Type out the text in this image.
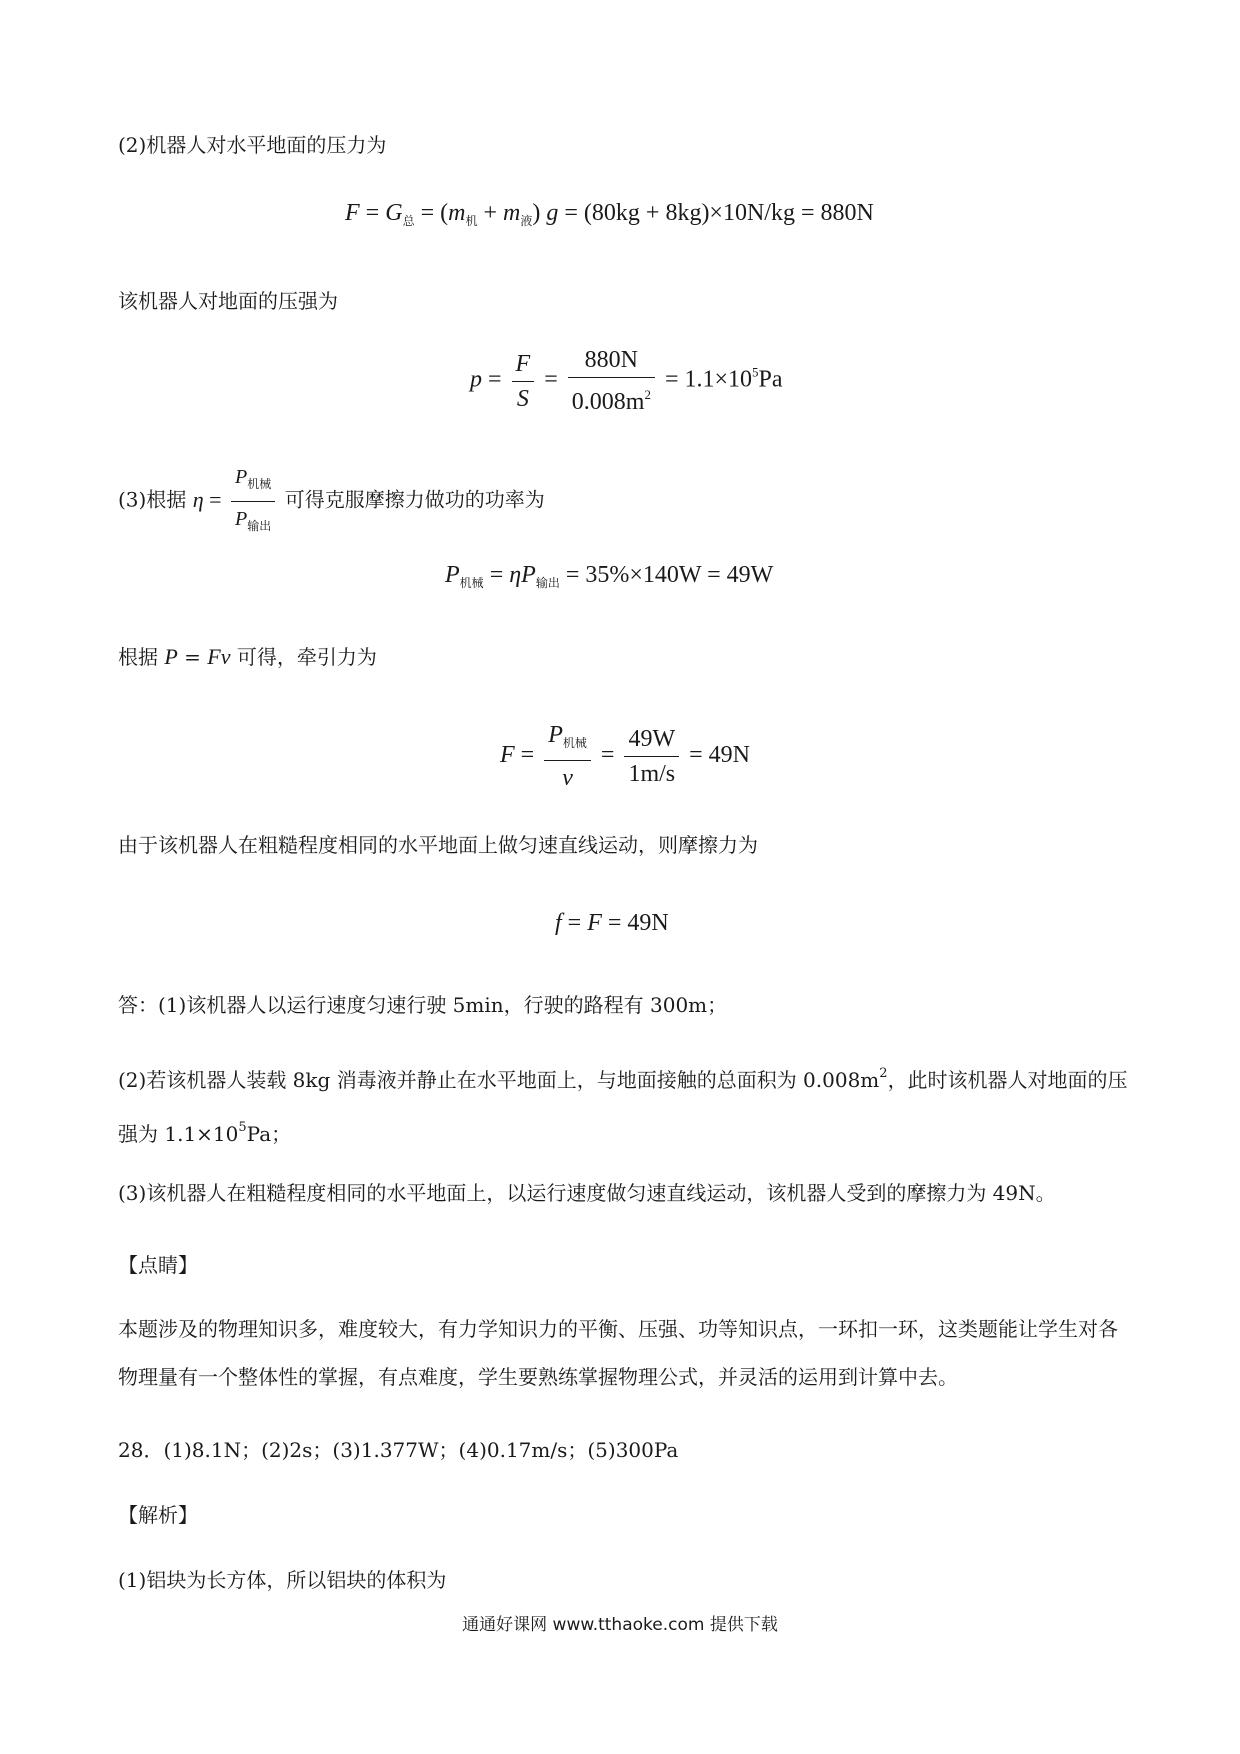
(2)机器人对水平地面的压力为
$F = G_总 = (m_机 + m_液) g = (80kg + 8kg)\times 10N/kg = 880N$
该机器人对地面的压强为
$p = \frac{F}{S} = \frac{880N}{0.008m^2} = 1.1\times 10^5Pa$
(3)根据 $\eta = \frac{P_{机械}}{P_{输出}}$ 可得克服摩擦力做功的功率为
$P_{机械} = \eta P_{输出} = 35\%\times 140W = 49W$
根据 P = Fv 可得，牵引力为
$F = \frac{P_{机械}}{v} = \frac{49W}{1m/s} = 49N$
由于该机器人在粗糙程度相同的水平地面上做匀速直线运动，则摩擦力为
f = F = 49N
答：(1)该机器人以运行速度匀速行驶 5min，行驶的路程有 300m；
(2)若该机器人装载 8kg 消毒液并静止在水平地面上，与地面接触的总面积为 $0.008m^2$，此时该机器人对地面的压强为 $1.1\times 10^5Pa$；
(3)该机器人在粗糙程度相同的水平地面上，以运行速度做匀速直线运动，该机器人受到的摩擦力为 49N。
【点睛】
本题涉及的物理知识多，难度较大，有力学知识力的平衡、压强、功等知识点，一环扣一环，这类题能让学生对各物理量有一个整体性的掌握，有点难度，学生要熟练掌握物理公式，并灵活的运用到计算中去。
28．(1)8.1N；(2)2s；(3)1.377W；(4)0.17m/s；(5)300Pa
【解析】
(1)铝块为长方体，所以铝块的体积为
通通好课网 www.tthaoke.com 提供下载
